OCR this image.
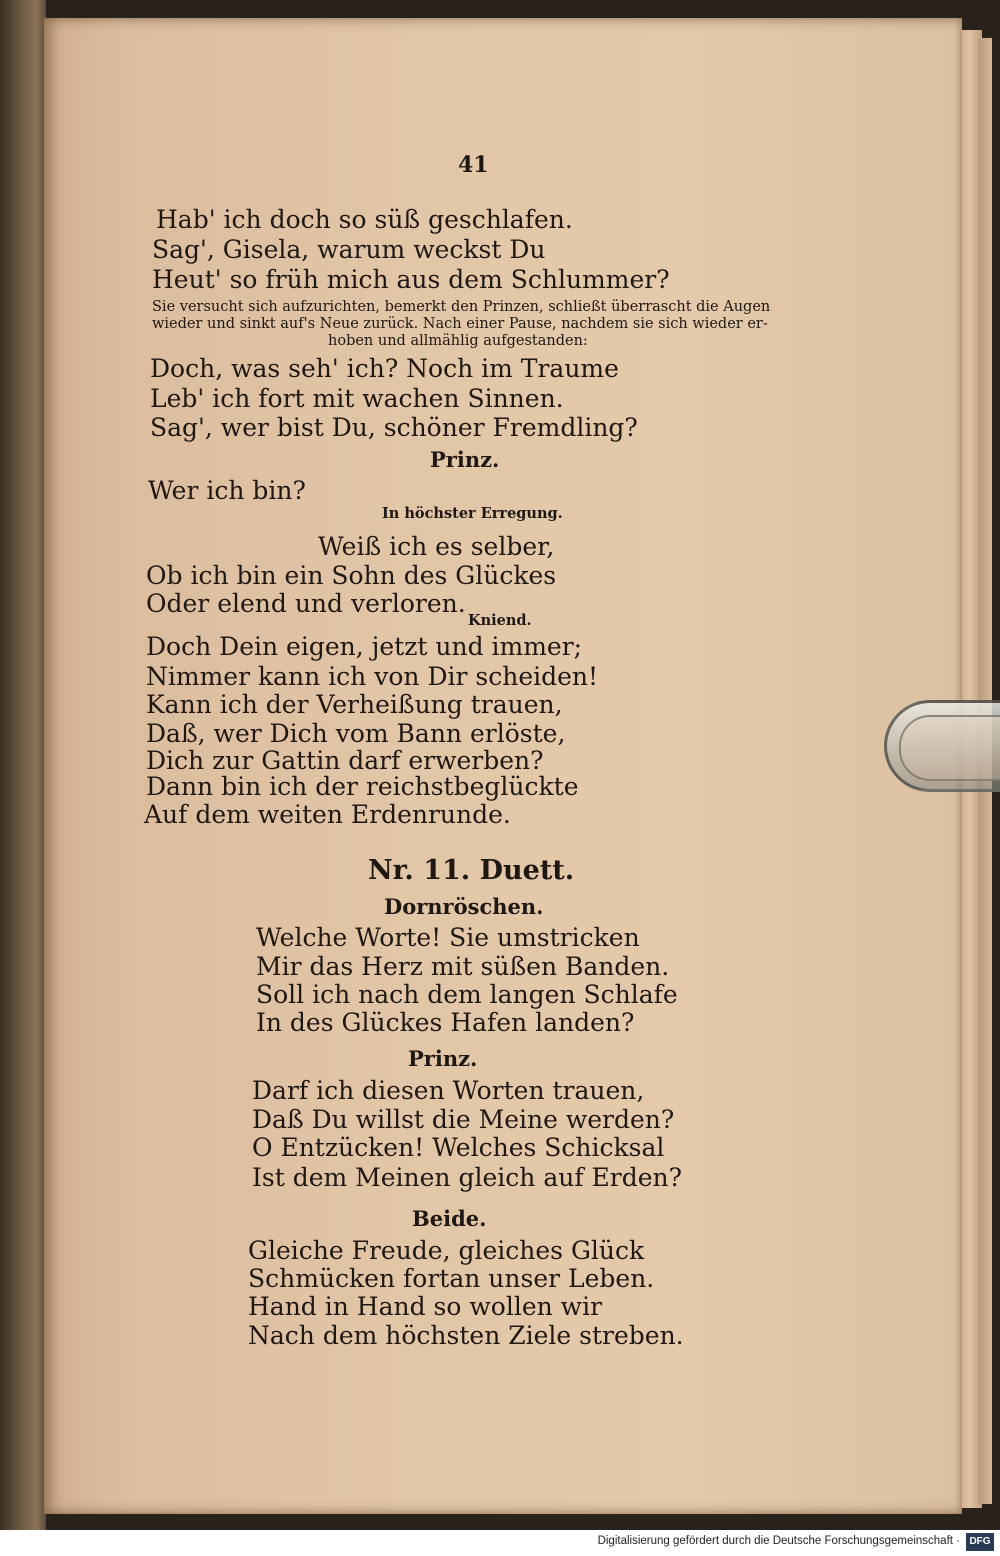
41
Hab' ich doch so süß geschlafen.
Sag', Gisela, warum weckst Du
Heut' so früh mich aus dem Schlummer?
Sie versucht sich aufzurichten, bemerkt den Prinzen, schließt überrascht die Augen
wieder und sinkt auf's Neue zurück. Nach einer Pause, nachdem sie sich wieder er-
hoben und allmählig aufgestanden:
Doch, was seh' ich? Noch im Traume
Leb' ich fort mit wachen Sinnen.
Sag', wer bist Du, schöner Fremdling?
Prinz.
Wer ich bin?
In höchster Erregung.
Weiß ich es selber,
Ob ich bin ein Sohn des Glückes
Oder elend und verloren.
Kniend.
Doch Dein eigen, jetzt und immer;
Nimmer kann ich von Dir scheiden!
Kann ich der Verheißung trauen,
Daß, wer Dich vom Bann erlöste,
Dich zur Gattin darf erwerben?
Dann bin ich der reichstbeglückte
Auf dem weiten Erdenrunde.
Nr. 11. Duett.
Dornröschen.
Welche Worte! Sie umstricken
Mir das Herz mit süßen Banden.
Soll ich nach dem langen Schlafe
In des Glückes Hafen landen?
Prinz.
Darf ich diesen Worten trauen,
Daß Du willst die Meine werden?
O Entzücken! Welches Schicksal
Ist dem Meinen gleich auf Erden?
Beide.
Gleiche Freude, gleiches Glück
Schmücken fortan unser Leben.
Hand in Hand so wollen wir
Nach dem höchsten Ziele streben.
Digitalisierung gefördert durch die Deutsche Forschungsgemeinschaft · DFG
